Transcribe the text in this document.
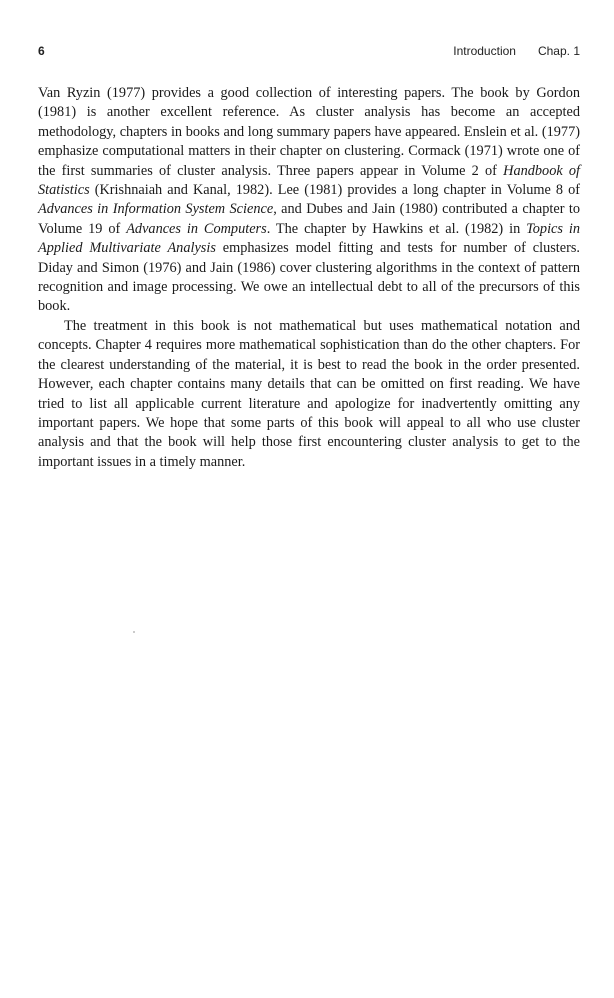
6	Introduction Chap. 1

Van Ryzin (1977) provides a good collection of interesting papers. The book by Gordon (1981) is another excellent reference. As cluster analysis has become an accepted methodology, chapters in books and long summary papers have appeared. Enslein et al. (1977) emphasize computational matters in their chapter on clustering. Cormack (1971) wrote one of the first summaries of cluster analysis. Three papers appear in Volume 2 of Handbook of Statistics (Krishnaiah and Kanal, 1982). Lee (1981) provides a long chapter in Volume 8 of Advances in Information System Science, and Dubes and Jain (1980) contributed a chapter to Volume 19 of Advances in Computers. The chapter by Hawkins et al. (1982) in Topics in Applied Multivariate Analysis emphasizes model fitting and tests for number of clusters. Diday and Simon (1976) and Jain (1986) cover clustering algorithms in the context of pattern recognition and image processing. We owe an intellectual debt to all of the precursors of this book.

The treatment in this book is not mathematical but uses mathematical notation and concepts. Chapter 4 requires more mathematical sophistication than do the other chapters. For the clearest understanding of the material, it is best to read the book in the order presented. However, each chapter contains many details that can be omitted on first reading. We have tried to list all applicable current literature and apologize for inadvertently omitting any important papers. We hope that some parts of this book will appeal to all who use cluster analysis and that the book will help those first encountering cluster analysis to get to the important issues in a timely manner.
